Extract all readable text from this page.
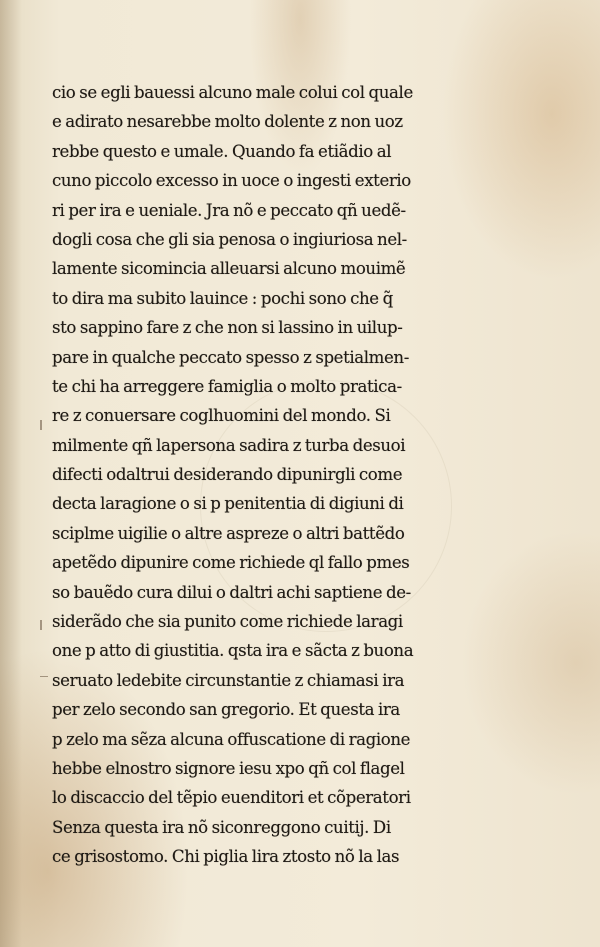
cio se egli bauessi alcuno male colui col quale
e adirato nesarebbe molto dolente z non uoz
rebbe questo e umale. Quando fa etiãdio al
cuno piccolo excesso in uoce o ingesti exterio
ri per ira e ueniale. Jra nõ e peccato qñ uedẽ-
dogli cosa che gli sia penosa o ingiuriosa nel-
lamente sicomincia alleuarsi alcuno mouimẽ
to dira ma subito lauince : pochi sono che q̃
sto sappino fare z che non si lassino in uilup-
pare in qualche peccato spesso z spetialmen-
te chi ha arreggere famiglia o molto pratica-
re z conuersare coglhuomini del mondo. Si
milmente qñ lapersona sadira z turba desuoi
difecti odaltrui desiderando dipunirgli come
decta laragione o si p penitentia di digiuni di
sciplme uigilie o altre aspreze o altri battẽdo
apetẽdo dipunire come richiede ql fallo pmes
so bauẽdo cura dilui o daltri achi saptiene de-
siderãdo che sia punito come richiede laragi
one p atto di giustitia. qsta ira e sãcta z buona
seruato ledebite circunstantie z chiamasi ira
per zelo secondo san gregorio. Et questa ira
p zelo ma sẽza alcuna offuscatione di ragione
hebbe elnostro signore iesu xpo qñ col flagel
lo discaccio del tẽpio euenditori et cõperatori
Senza questa ira nõ siconreggono cuitij. Di
ce grisostomo. Chi piglia lira ztosto nõ la las
